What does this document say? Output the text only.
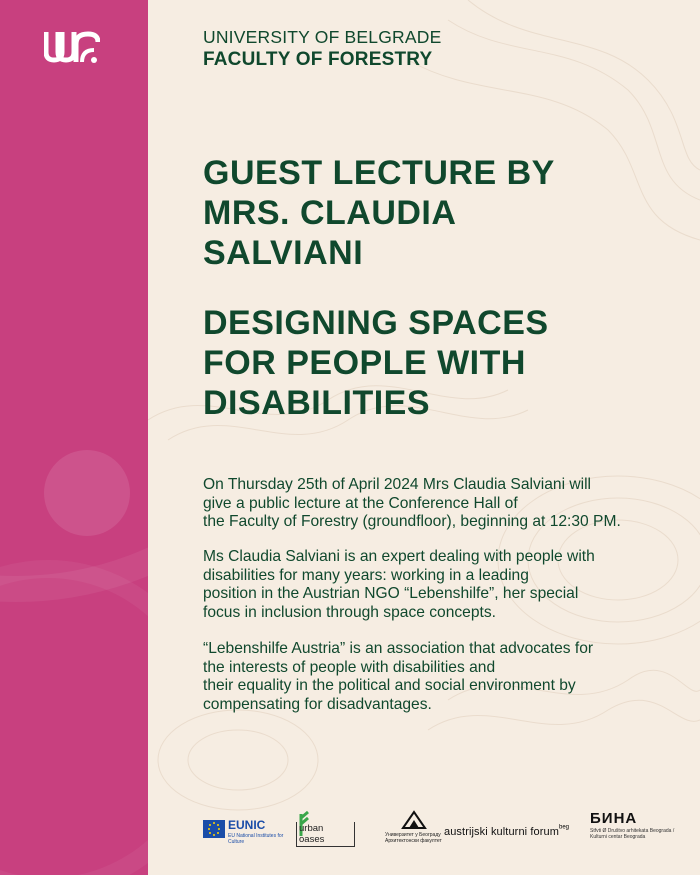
UNIVERSITY OF BELGRADE
FACULTY OF FORESTRY
GUEST LECTURE BY
MRS. CLAUDIA
SALVIANI
DESIGNING SPACES
FOR PEOPLE WITH
DISABILITIES

On Thursday 25th of April 2024 Mrs Claudia Salviani will
give a public lecture at the Conference Hall of
the Faculty of Forestry (groundfloor), beginning at 12:30 PM.

Ms Claudia Salviani is an expert dealing with people with
disabilities for many years: working in a leading
position in the Austrian NGO “Lebenshilfe”, her special
focus in inclusion through space concepts.

“Lebenshilfe Austria” is an association that advocates for
the interests of people with disabilities and
their equality in the political and social environment by
compensating for disadvantages.

EUNIC
EU National Institutes for Culture
urban oases	Универзитет у Београду Архитектонски факултет
austrijski kulturni forum$^{beg}$
БИНА
Stfvti Ø Društvo arhitekata Beograda / Kulturni centar Beograda
